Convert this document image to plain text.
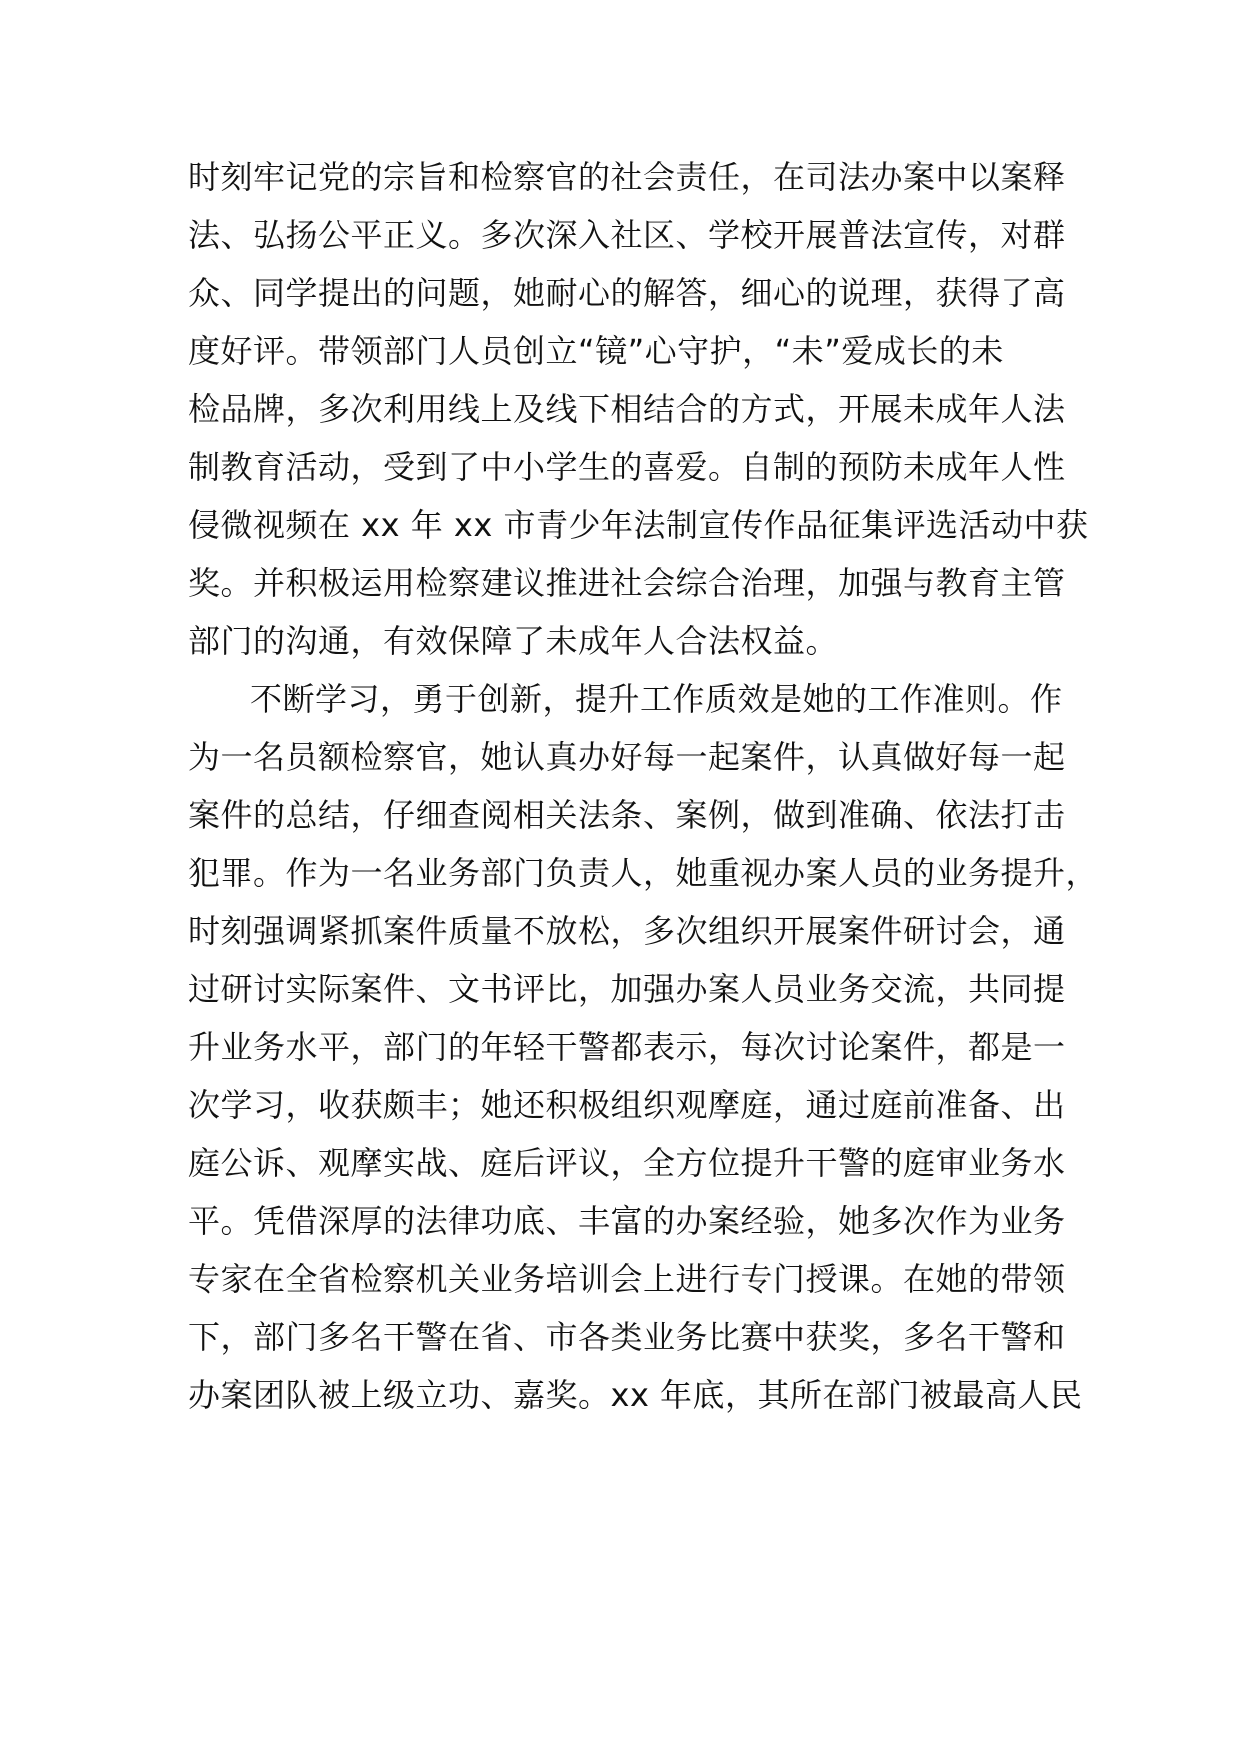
时刻牢记党的宗旨和检察官的社会责任，在司法办案中以案释
法、弘扬公平正义。多次深入社区、学校开展普法宣传，对群
众、同学提出的问题，她耐心的解答，细心的说理，获得了高
度好评。带领部门人员创立“镜”心守护，“未”爱成长的未
检品牌，多次利用线上及线下相结合的方式，开展未成年人法
制教育活动，受到了中小学生的喜爱。自制的预防未成年人性
侵微视频在 xx 年 xx 市青少年法制宣传作品征集评选活动中获
奖。并积极运用检察建议推进社会综合治理，加强与教育主管
部门的沟通，有效保障了未成年人合法权益。
不断学习，勇于创新，提升工作质效是她的工作准则。作
为一名员额检察官，她认真办好每一起案件，认真做好每一起
案件的总结，仔细查阅相关法条、案例，做到准确、依法打击
犯罪。作为一名业务部门负责人，她重视办案人员的业务提升，
时刻强调紧抓案件质量不放松，多次组织开展案件研讨会，通
过研讨实际案件、文书评比，加强办案人员业务交流，共同提
升业务水平，部门的年轻干警都表示，每次讨论案件，都是一
次学习，收获颇丰；她还积极组织观摩庭，通过庭前准备、出
庭公诉、观摩实战、庭后评议，全方位提升干警的庭审业务水
平。凭借深厚的法律功底、丰富的办案经验，她多次作为业务
专家在全省检察机关业务培训会上进行专门授课。在她的带领
下，部门多名干警在省、市各类业务比赛中获奖，多名干警和
办案团队被上级立功、嘉奖。xx 年底，其所在部门被最高人民
